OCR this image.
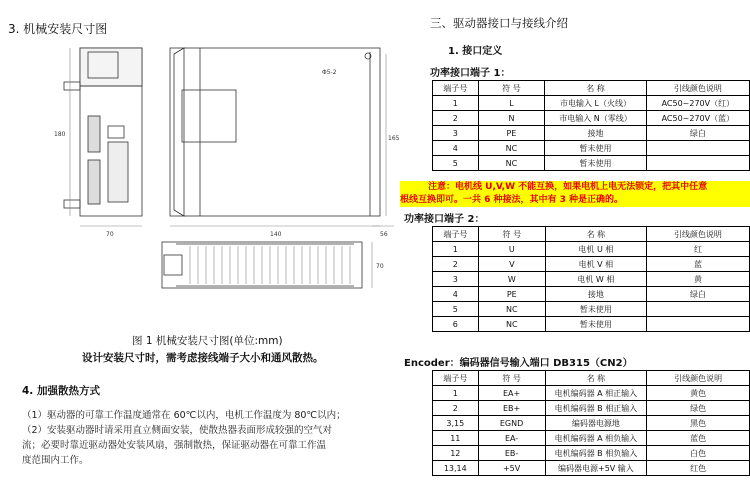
3. 机械安装尺寸图
180
70	140	56
165
70
Φ5-2
图 1 机械安装尺寸图(单位:mm)
设计安装尺寸时，需考虑接线端子大小和通风散热。
4. 加强散热方式
（1）驱动器的可靠工作温度通常在 60℃以内，电机工作温度为 80℃以内；
（2）安装驱动器时请采用直立侧面安装，使散热器表面形成较强的空气对
流；必要时靠近驱动器处安装风扇，强制散热，保证驱动器在可靠工作温
度范围内工作。
三、驱动器接口与接线介绍
1. 接口定义
功率接口端子 1：
端子号	符 号	名 称	引线颜色说明
1	L	市电输入 L（火线）	AC50~270V（红）
2	N	市电输入 N（零线）	AC50~270V（蓝）
3	PE	接地	绿白
4	NC	暂未使用	
5	NC	暂未使用	
注意：电机线 U,V,W 不能互换，如果电机上电无法锁定，把其中任意
根线互换即可。一共 6 种接法，其中有 3 种是正确的。
功率接口端子 2：
端子号	符 号	名 称	引线颜色说明
1	U	电机 U 相	红
2	V	电机 V 相	蓝
3	W	电机 W 相	黄
4	PE	接地	绿白
5	NC	暂未使用	
6	NC	暂未使用	
Encoder：编码器信号输入端口 DB315（CN2）
端子号	符 号	名 称	引线颜色说明
1	EA+	电机编码器 A 相正输入	黄色
2	EB+	电机编码器 B 相正输入	绿色
3,15	EGND	编码器电源地	黑色
11	EA-	电机编码器 A 相负输入	蓝色
12	EB-	电机编码器 B 相负输入	白色
13,14	+5V	编码器电源+5V 输入	红色
